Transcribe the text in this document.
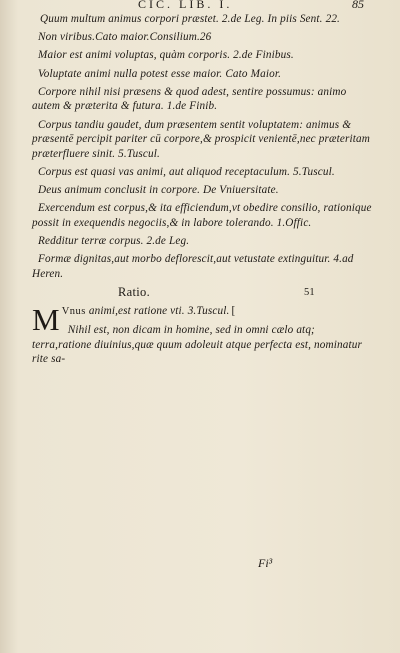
CIC. LIB. I.	85

Quum multum animus corpori præstet. 2.de Leg. In piis Sent. 22.

Non viribus.Cato maior.Consilium.26

Maior est animi voluptas, quàm corporis. 2.de Finibus.

Voluptate animi nulla potest esse maior. Cato Maior.

Corpore nihil nisi præsens & quod adest, sentire possumus: animo autem & præterita & futura. 1.de Finib.

Corpus tandiu gaudet, dum præsentem sentit voluptatem: animus & præsentē percipit pariter cū corpore,& prospicit venientē,nec præteritam præterfluere sinit. 5.Tuscul.

Corpus est quasi vas animi, aut aliquod receptaculum. 5.Tuscul.

Deus animum conclusit in corpore. De Vniuersitate.

Exercendum est corpus,& ita efficiendum,vt obedire consilio, rationique possit in exequendis negociis,& in labore tolerando. 1.Offic.

Redditur terræ corpus. 2.de Leg.

Formæ dignitas,aut morbo deflorescit,aut vetustate extinguitur. 4.ad Heren.

Ratio.	51

M Vnus animi,est ratione vti. 3.Tuscul. [

Nihil est, non dicam in homine, sed in omni cælo atq; terra,ratione diuinius,quæ quum adoleuit atque perfecta est, nominatur rite sa-

Fi³
